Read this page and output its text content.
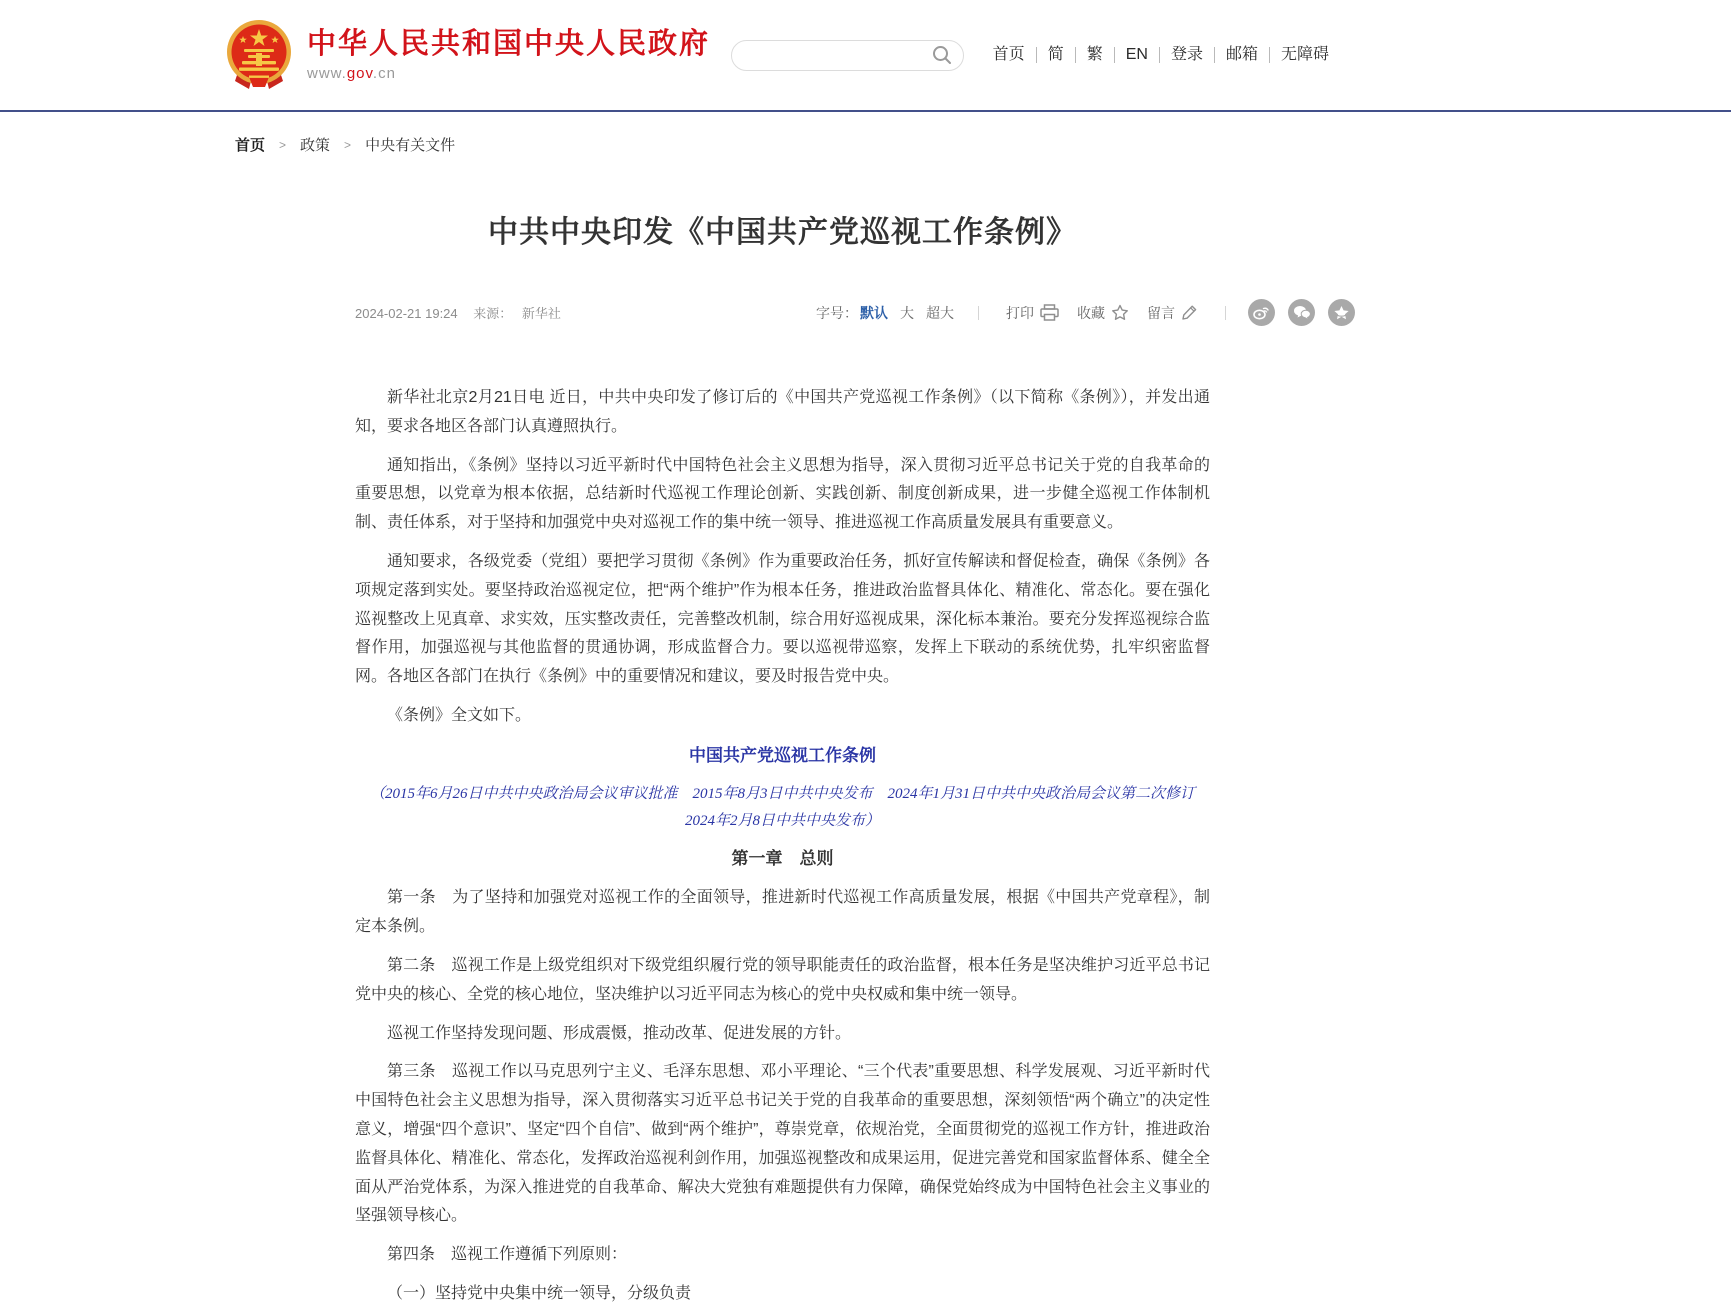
中华人民共和国中央人民政府
www.gov.cn
首页	简	繁	EN	登录	邮箱	无障碍
首页 > 政策 > 中央有关文件
中共中央印发《中国共产党巡视工作条例》
2024-02-21 19:24 来源： 新华社	字号： 默认 大 超大	打印	收藏	留言

新华社北京2月21日电 近日，中共中央印发了修订后的《中国共产党巡视工作条例》（以下简称《条例》），并发出通知，要求各地区各部门认真遵照执行。

通知指出，《条例》坚持以习近平新时代中国特色社会主义思想为指导，深入贯彻习近平总书记关于党的自我革命的重要思想，以党章为根本依据，总结新时代巡视工作理论创新、实践创新、制度创新成果，进一步健全巡视工作体制机制、责任体系，对于坚持和加强党中央对巡视工作的集中统一领导、推进巡视工作高质量发展具有重要意义。

通知要求，各级党委（党组）要把学习贯彻《条例》作为重要政治任务，抓好宣传解读和督促检查，确保《条例》各项规定落到实处。要坚持政治巡视定位，把“两个维护”作为根本任务，推进政治监督具体化、精准化、常态化。要在强化巡视整改上见真章、求实效，压实整改责任，完善整改机制，综合用好巡视成果，深化标本兼治。要充分发挥巡视综合监督作用，加强巡视与其他监督的贯通协调，形成监督合力。要以巡视带巡察，发挥上下联动的系统优势，扎牢织密监督网。各地区各部门在执行《条例》中的重要情况和建议，要及时报告党中央。

《条例》全文如下。

中国共产党巡视工作条例

（2015年6月26日中共中央政治局会议审议批准　2015年8月3日中共中央发布　2024年1月31日中共中央政治局会议第二次修订　2024年2月8日中共中央发布）

第一章　总则

第一条　为了坚持和加强党对巡视工作的全面领导，推进新时代巡视工作高质量发展，根据《中国共产党章程》，制定本条例。

第二条　巡视工作是上级党组织对下级党组织履行党的领导职能责任的政治监督，根本任务是坚决维护习近平总书记党中央的核心、全党的核心地位，坚决维护以习近平同志为核心的党中央权威和集中统一领导。

巡视工作坚持发现问题、形成震慑，推动改革、促进发展的方针。

第三条　巡视工作以马克思列宁主义、毛泽东思想、邓小平理论、“三个代表”重要思想、科学发展观、习近平新时代中国特色社会主义思想为指导，深入贯彻落实习近平总书记关于党的自我革命的重要思想，深刻领悟“两个确立”的决定性意义，增强“四个意识”、坚定“四个自信”、做到“两个维护”，尊崇党章，依规治党，全面贯彻党的巡视工作方针，推进政治监督具体化、精准化、常态化，发挥政治巡视利剑作用，加强巡视整改和成果运用，促进完善党和国家监督体系、健全全面从严治党体系，为深入推进党的自我革命、解决大党独有难题提供有力保障，确保党始终成为中国特色社会主义事业的坚强领导核心。

第四条　巡视工作遵循下列原则：

（一）坚持党中央集中统一领导，分级负责
